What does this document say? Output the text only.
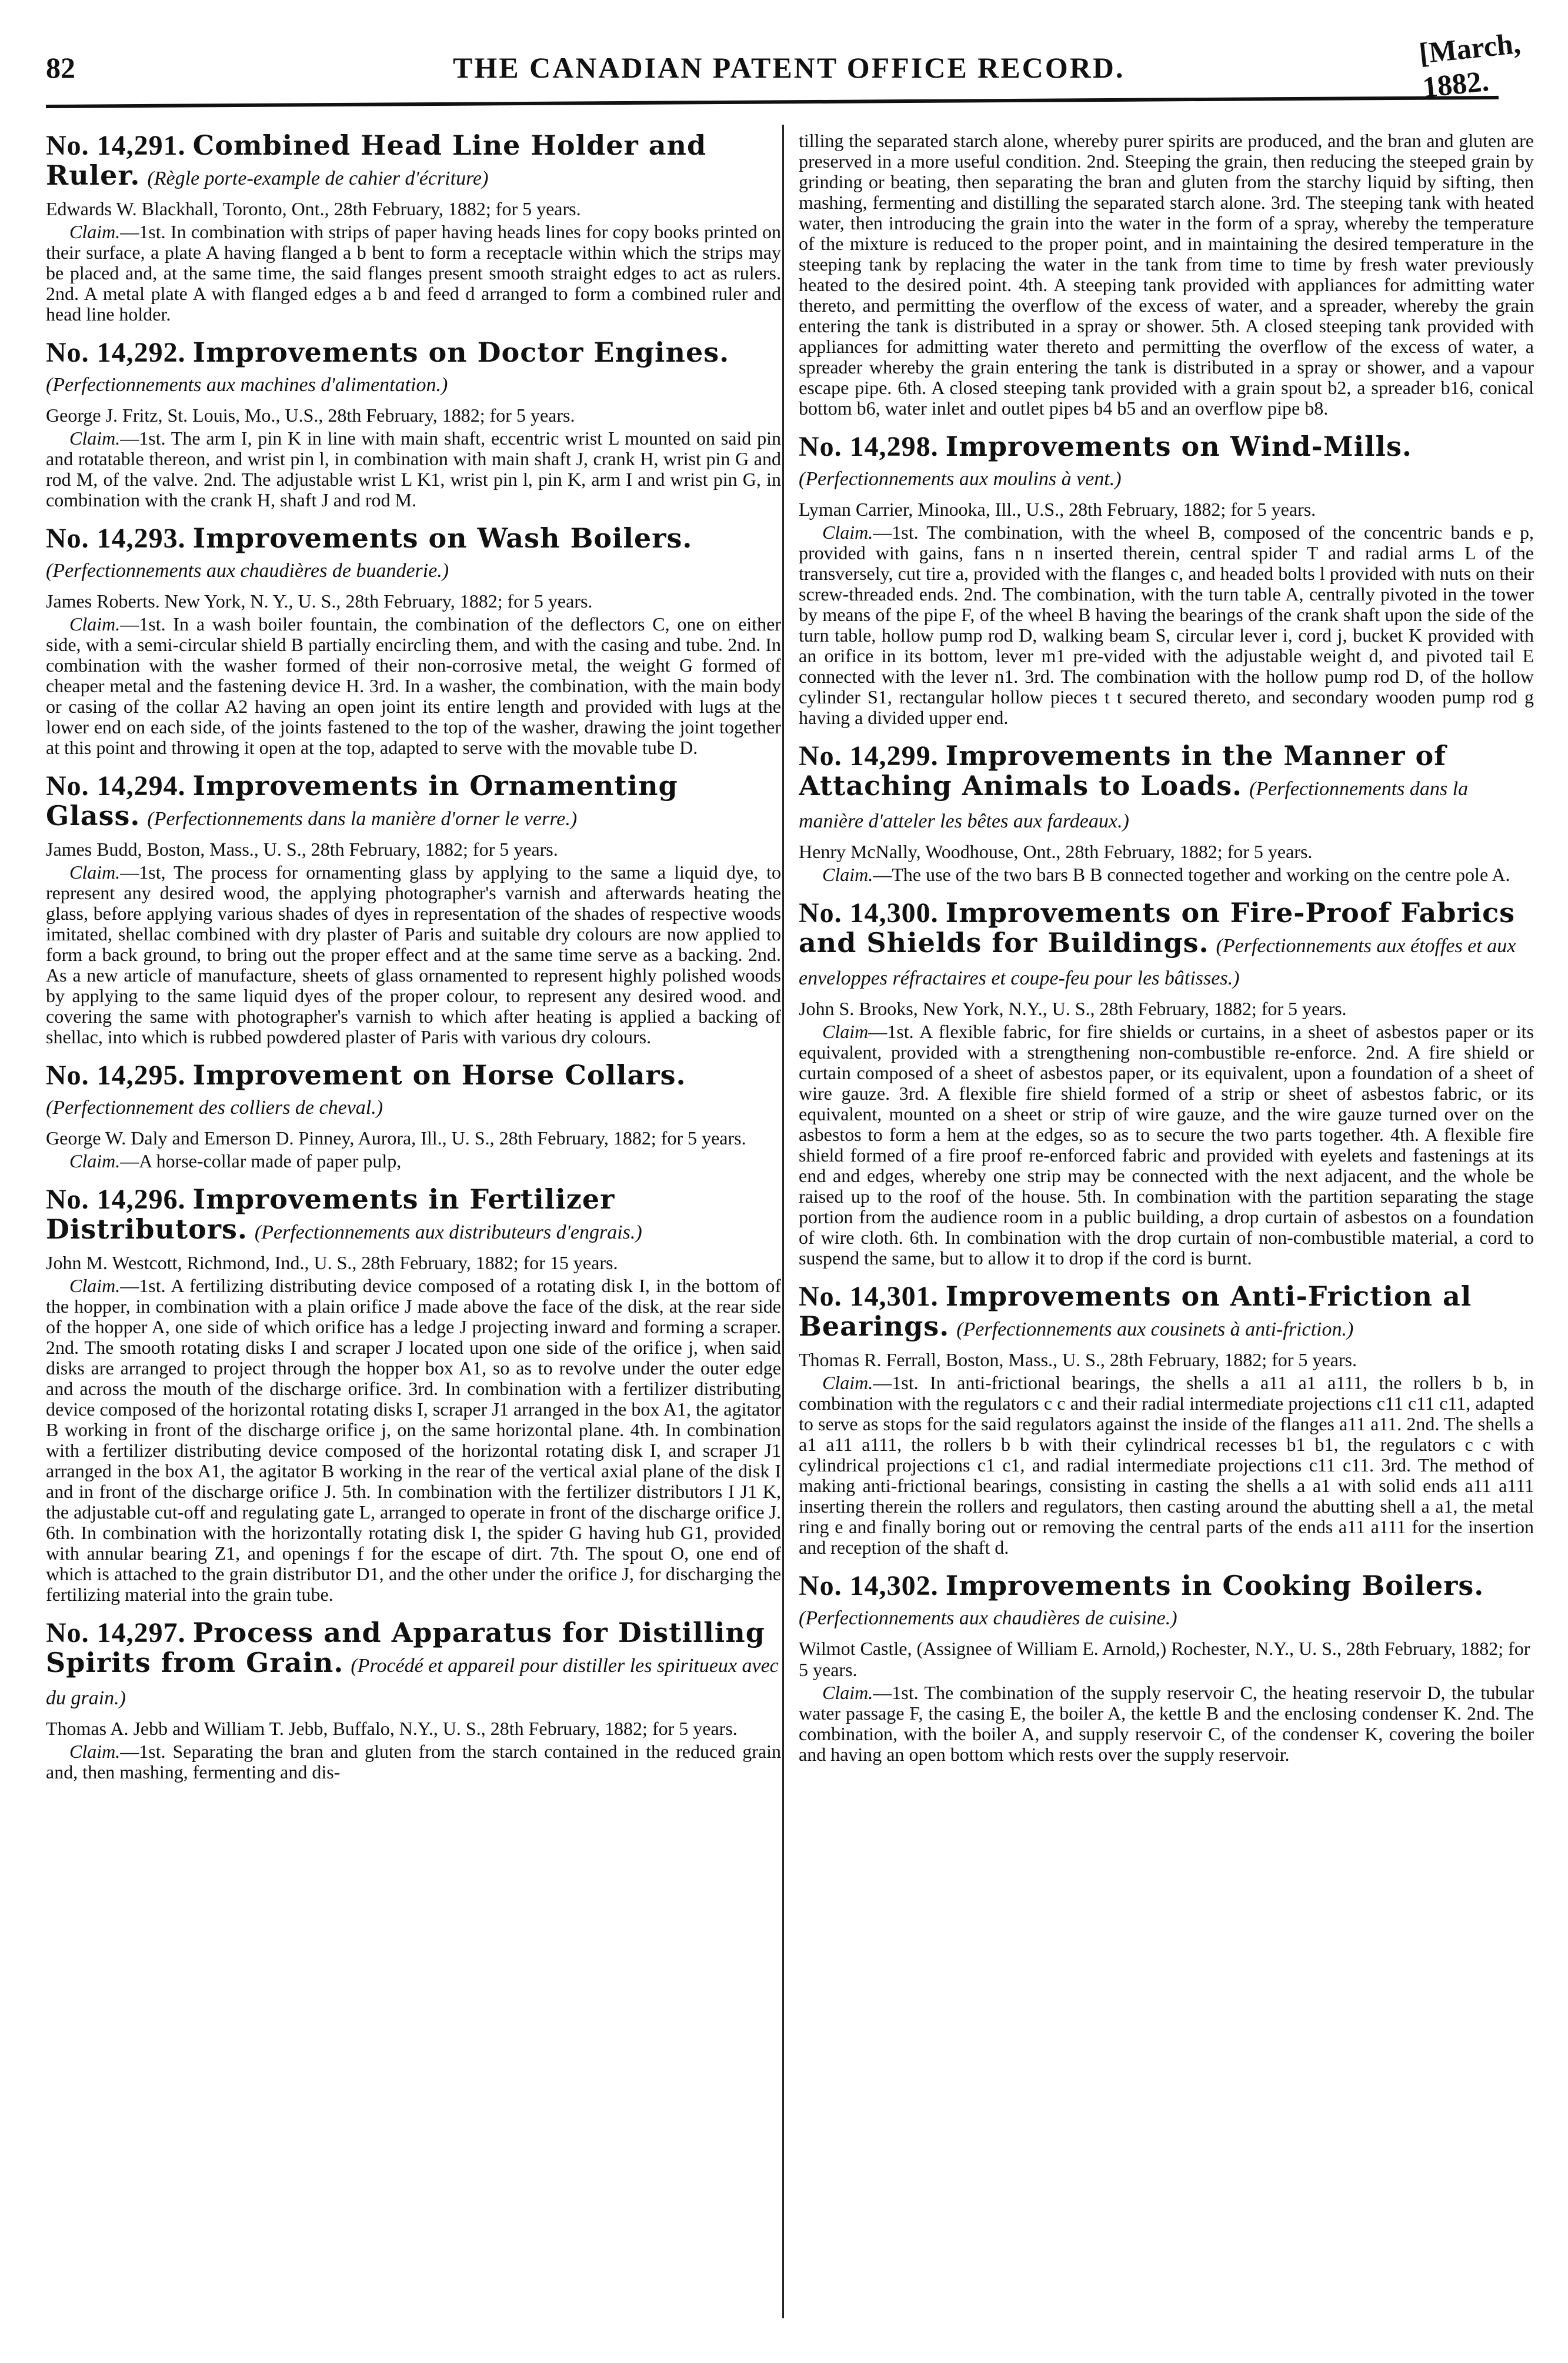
82	THE CANADIAN PATENT OFFICE RECORD.	[March, 1882.
No. 14,291. Combined Head Line Holder and Ruler. (Règle porte-example de cahier d'écriture)
Edwards W. Blackhall, Toronto, Ont., 28th February, 1882; for 5 years.

Claim.—1st. In combination with strips of paper having heads lines for copy books printed on their surface, a plate A having flanged a b bent to form a receptacle within which the strips may be placed and, at the same time, the said flanges present smooth straight edges to act as rulers. 2nd. A metal plate A with flanged edges a b and feed d arranged to form a combined ruler and head line holder.

No. 14,292. Improvements on Doctor Engines. (Perfectionnements aux machines d'alimentation.)
George J. Fritz, St. Louis, Mo., U.S., 28th February, 1882; for 5 years.

Claim.—1st. The arm I, pin K in line with main shaft, eccentric wrist L mounted on said pin and rotatable thereon, and wrist pin l, in combination with main shaft J, crank H, wrist pin G and rod M, of the valve. 2nd. The adjustable wrist L K1, wrist pin l, pin K, arm I and wrist pin G, in combination with the crank H, shaft J and rod M.

No. 14,293. Improvements on Wash Boilers. (Perfectionnements aux chaudières de buanderie.)
James Roberts. New York, N. Y., U. S., 28th February, 1882; for 5 years.

Claim.—1st. In a wash boiler fountain, the combination of the deflectors C, one on either side, with a semi-circular shield B partially encircling them, and with the casing and tube. 2nd. In combination with the washer formed of their non-corrosive metal, the weight G formed of cheaper metal and the fastening device H. 3rd. In a washer, the combination, with the main body or casing of the collar A2 having an open joint its entire length and provided with lugs at the lower end on each side, of the joints fastened to the top of the washer, drawing the joint together at this point and throwing it open at the top, adapted to serve with the movable tube D.

No. 14,294. Improvements in Ornamenting Glass. (Perfectionnements dans la manière d'orner le verre.)
James Budd, Boston, Mass., U. S., 28th February, 1882; for 5 years.

Claim.—1st, The process for ornamenting glass by applying to the same a liquid dye, to represent any desired wood, the applying photographer's varnish and afterwards heating the glass, before applying various shades of dyes in representation of the shades of respective woods imitated, shellac combined with dry plaster of Paris and suitable dry colours are now applied to form a back ground, to bring out the proper effect and at the same time serve as a backing. 2nd. As a new article of manufacture, sheets of glass ornamented to represent highly polished woods by applying to the same liquid dyes of the proper colour, to represent any desired wood. and covering the same with photographer's varnish to which after heating is applied a backing of shellac, into which is rubbed powdered plaster of Paris with various dry colours.

No. 14,295. Improvement on Horse Collars. (Perfectionnement des colliers de cheval.)
George W. Daly and Emerson D. Pinney, Aurora, Ill., U. S., 28th February, 1882; for 5 years.

Claim.—A horse-collar made of paper pulp,

No. 14,296. Improvements in Fertilizer Distributors. (Perfectionnements aux distributeurs d'engrais.)
John M. Westcott, Richmond, Ind., U. S., 28th February, 1882; for 15 years.

Claim.—1st. A fertilizing distributing device composed of a rotating disk I, in the bottom of the hopper, in combination with a plain orifice J made above the face of the disk, at the rear side of the hopper A, one side of which orifice has a ledge J projecting inward and forming a scraper. 2nd. The smooth rotating disks I and scraper J located upon one side of the orifice j, when said disks are arranged to project through the hopper box A1, so as to revolve under the outer edge and across the mouth of the discharge orifice. 3rd. In combination with a fertilizer distributing device composed of the horizontal rotating disks I, scraper J1 arranged in the box A1, the agitator B working in front of the discharge orifice j, on the same horizontal plane. 4th. In combination with a fertilizer distributing device composed of the horizontal rotating disk I, and scraper J1 arranged in the box A1, the agitator B working in the rear of the vertical axial plane of the disk I and in front of the discharge orifice J. 5th. In combination with the fertilizer distributors I J1 K, the adjustable cut-off and regulating gate L, arranged to operate in front of the discharge orifice J. 6th. In combination with the horizontally rotating disk I, the spider G having hub G1, provided with annular bearing Z1, and openings f for the escape of dirt. 7th. The spout O, one end of which is attached to the grain distributor D1, and the other under the orifice J, for discharging the fertilizing material into the grain tube.

No. 14,297. Process and Apparatus for Distilling Spirits from Grain. (Procédé et appareil pour distiller les spiritueux avec du grain.)
Thomas A. Jebb and William T. Jebb, Buffalo, N.Y., U. S., 28th February, 1882; for 5 years.

Claim.—1st. Separating the bran and gluten from the starch contained in the reduced grain and, then mashing, fermenting and dis-

tilling the separated starch alone, whereby purer spirits are produced, and the bran and gluten are preserved in a more useful condition. 2nd. Steeping the grain, then reducing the steeped grain by grinding or beating, then separating the bran and gluten from the starchy liquid by sifting, then mashing, fermenting and distilling the separated starch alone. 3rd. The steeping tank with heated water, then introducing the grain into the water in the form of a spray, whereby the temperature of the mixture is reduced to the proper point, and in maintaining the desired temperature in the steeping tank by replacing the water in the tank from time to time by fresh water previously heated to the desired point. 4th. A steeping tank provided with appliances for admitting water thereto, and permitting the overflow of the excess of water, and a spreader, whereby the grain entering the tank is distributed in a spray or shower. 5th. A closed steeping tank provided with appliances for admitting water thereto and permitting the overflow of the excess of water, a spreader whereby the grain entering the tank is distributed in a spray or shower, and a vapour escape pipe. 6th. A closed steeping tank provided with a grain spout b2, a spreader b16, conical bottom b6, water inlet and outlet pipes b4 b5 and an overflow pipe b8.

No. 14,298. Improvements on Wind-Mills. (Perfectionnements aux moulins à vent.)
Lyman Carrier, Minooka, Ill., U.S., 28th February, 1882; for 5 years.

Claim.—1st. The combination, with the wheel B, composed of the concentric bands e p, provided with gains, fans n n inserted therein, central spider T and radial arms L of the transversely, cut tire a, provided with the flanges c, and headed bolts l provided with nuts on their screw-threaded ends. 2nd. The combination, with the turn table A, centrally pivoted in the tower by means of the pipe F, of the wheel B having the bearings of the crank shaft upon the side of the turn table, hollow pump rod D, walking beam S, circular lever i, cord j, bucket K provided with an orifice in its bottom, lever m1 pre-vided with the adjustable weight d, and pivoted tail E connected with the lever n1. 3rd. The combination with the hollow pump rod D, of the hollow cylinder S1, rectangular hollow pieces t t secured thereto, and secondary wooden pump rod g having a divided upper end.

No. 14,299. Improvements in the Manner of Attaching Animals to Loads. (Perfectionnements dans la manière d'atteler les bêtes aux fardeaux.)
Henry McNally, Woodhouse, Ont., 28th February, 1882; for 5 years.

Claim.—The use of the two bars B B connected together and working on the centre pole A.

No. 14,300. Improvements on Fire-Proof Fabrics and Shields for Buildings. (Perfectionnements aux étoffes et aux enveloppes réfractaires et coupe-feu pour les bâtisses.)
John S. Brooks, New York, N.Y., U. S., 28th February, 1882; for 5 years.

Claim—1st. A flexible fabric, for fire shields or curtains, in a sheet of asbestos paper or its equivalent, provided with a strengthening non-combustible re-enforce. 2nd. A fire shield or curtain composed of a sheet of asbestos paper, or its equivalent, upon a foundation of a sheet of wire gauze. 3rd. A flexible fire shield formed of a strip or sheet of asbestos fabric, or its equivalent, mounted on a sheet or strip of wire gauze, and the wire gauze turned over on the asbestos to form a hem at the edges, so as to secure the two parts together. 4th. A flexible fire shield formed of a fire proof re-enforced fabric and provided with eyelets and fastenings at its end and edges, whereby one strip may be connected with the next adjacent, and the whole be raised up to the roof of the house. 5th. In combination with the partition separating the stage portion from the audience room in a public building, a drop curtain of asbestos on a foundation of wire cloth. 6th. In combination with the drop curtain of non-combustible material, a cord to suspend the same, but to allow it to drop if the cord is burnt.

No. 14,301. Improvements on Anti-Friction al Bearings. (Perfectionnements aux cousinets à anti-friction.)
Thomas R. Ferrall, Boston, Mass., U. S., 28th February, 1882; for 5 years.

Claim.—1st. In anti-frictional bearings, the shells a a11 a1 a111, the rollers b b, in combination with the regulators c c and their radial intermediate projections c11 c11 c11, adapted to serve as stops for the said regulators against the inside of the flanges a11 a11. 2nd. The shells a a1 a11 a111, the rollers b b with their cylindrical recesses b1 b1, the regulators c c with cylindrical projections c1 c1, and radial intermediate projections c11 c11. 3rd. The method of making anti-frictional bearings, consisting in casting the shells a a1 with solid ends a11 a111 inserting therein the rollers and regulators, then casting around the abutting shell a a1, the metal ring e and finally boring out or removing the central parts of the ends a11 a111 for the insertion and reception of the shaft d.

No. 14,302. Improvements in Cooking Boilers. (Perfectionnements aux chaudières de cuisine.)
Wilmot Castle, (Assignee of William E. Arnold,) Rochester, N.Y., U. S., 28th February, 1882; for 5 years.

Claim.—1st. The combination of the supply reservoir C, the heating reservoir D, the tubular water passage F, the casing E, the boiler A, the kettle B and the enclosing condenser K. 2nd. The combination, with the boiler A, and supply reservoir C, of the condenser K, covering the boiler and having an open bottom which rests over the supply reservoir.
